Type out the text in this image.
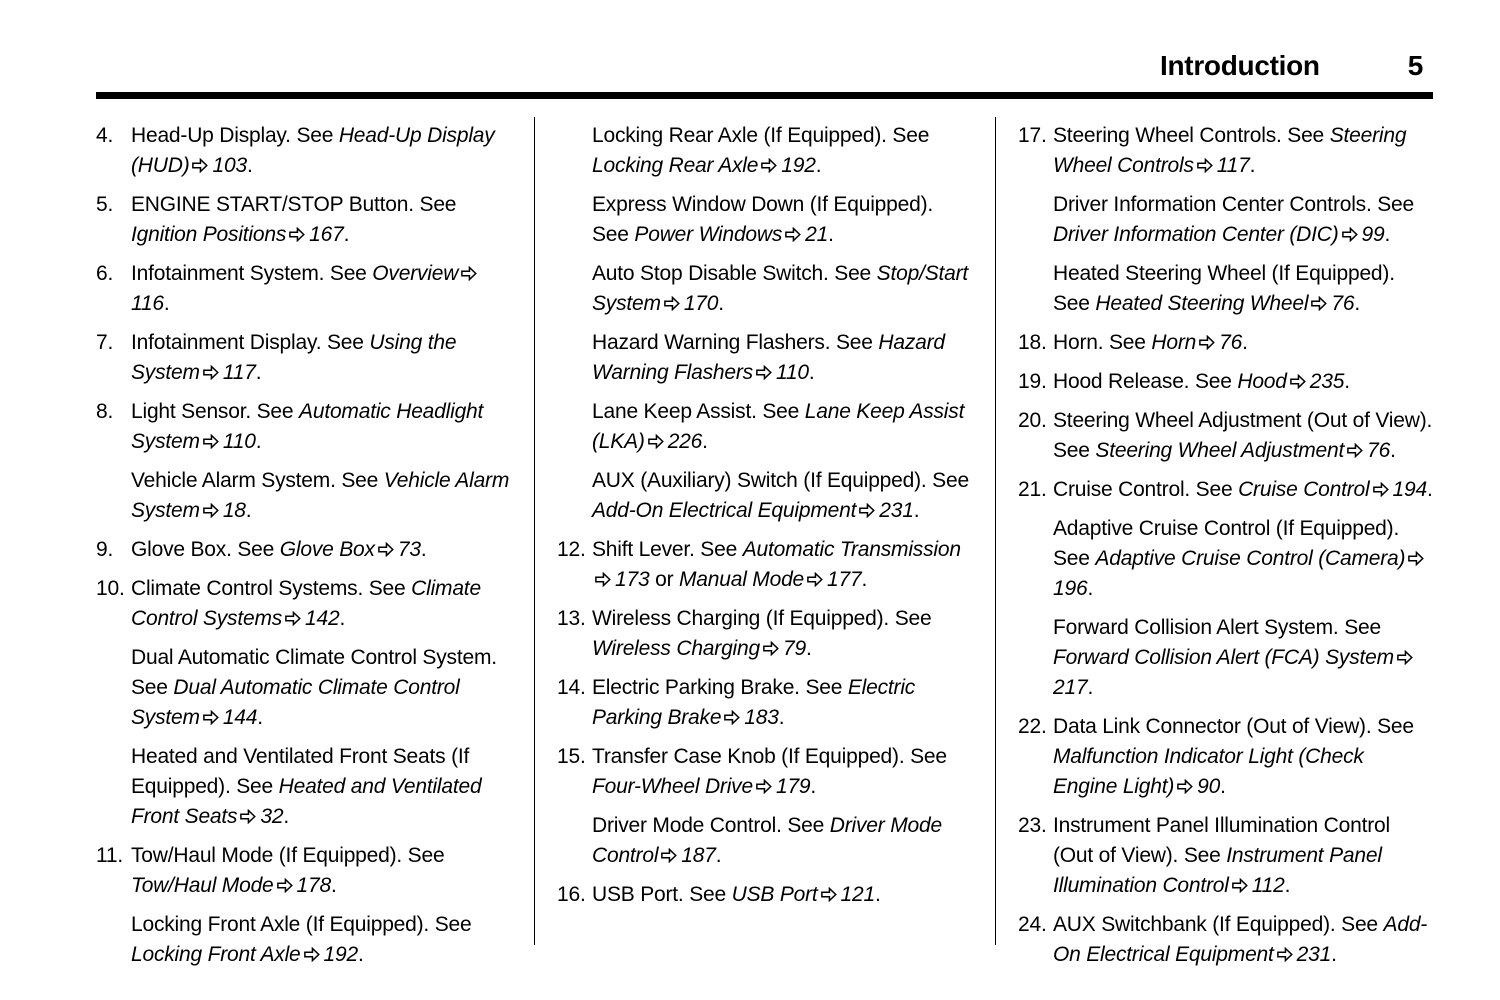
Introduction	5
4. Head-Up Display. See Head-Up Display (HUD) 103.
5. ENGINE START/STOP Button. See Ignition Positions 167.
6. Infotainment System. See Overview116.
7. Infotainment Display. See Using the System 117.
8. Light Sensor. See Automatic Headlight System 110.
Vehicle Alarm System. See Vehicle Alarm System 18.
9. Glove Box. See Glove Box 73.
10. Climate Control Systems. See Climate Control Systems 142.
Dual Automatic Climate Control System. See Dual Automatic Climate Control System 144.
Heated and Ventilated Front Seats (If Equipped). See Heated and Ventilated Front Seats 32.
11. Tow/Haul Mode (If Equipped). See Tow/Haul Mode 178.
Locking Front Axle (If Equipped). See Locking Front Axle 192.
Locking Rear Axle (If Equipped). See Locking Rear Axle 192.
Express Window Down (If Equipped). See Power Windows 21.
Auto Stop Disable Switch. See Stop/Start System 170.
Hazard Warning Flashers. See Hazard Warning Flashers 110.
Lane Keep Assist. See Lane Keep Assist (LKA) 226.
AUX (Auxiliary) Switch (If Equipped). See Add-On Electrical Equipment 231.
12. Shift Lever. See Automatic Transmission173 or Manual Mode 177.
13. Wireless Charging (If Equipped). See Wireless Charging 79.
14. Electric Parking Brake. See Electric Parking Brake 183.
15. Transfer Case Knob (If Equipped). See Four-Wheel Drive 179.
Driver Mode Control. See Driver Mode Control 187.
16. USB Port. See USB Port 121.
17. Steering Wheel Controls. See Steering Wheel Controls 117.
Driver Information Center Controls. See Driver Information Center (DIC) 99.
Heated Steering Wheel (If Equipped). See Heated Steering Wheel 76.
18. Horn. See Horn 76.
19. Hood Release. See Hood 235.
20. Steering Wheel Adjustment (Out of View). See Steering Wheel Adjustment 76.
21. Cruise Control. See Cruise Control 194.
Adaptive Cruise Control (If Equipped). See Adaptive Cruise Control (Camera)196.
Forward Collision Alert System. See Forward Collision Alert (FCA) System217.
22. Data Link Connector (Out of View). See Malfunction Indicator Light (Check Engine Light) 90.
23. Instrument Panel Illumination Control (Out of View). See Instrument Panel Illumination Control 112.
24. AUX Switchbank (If Equipped). See Add-On Electrical Equipment 231.
